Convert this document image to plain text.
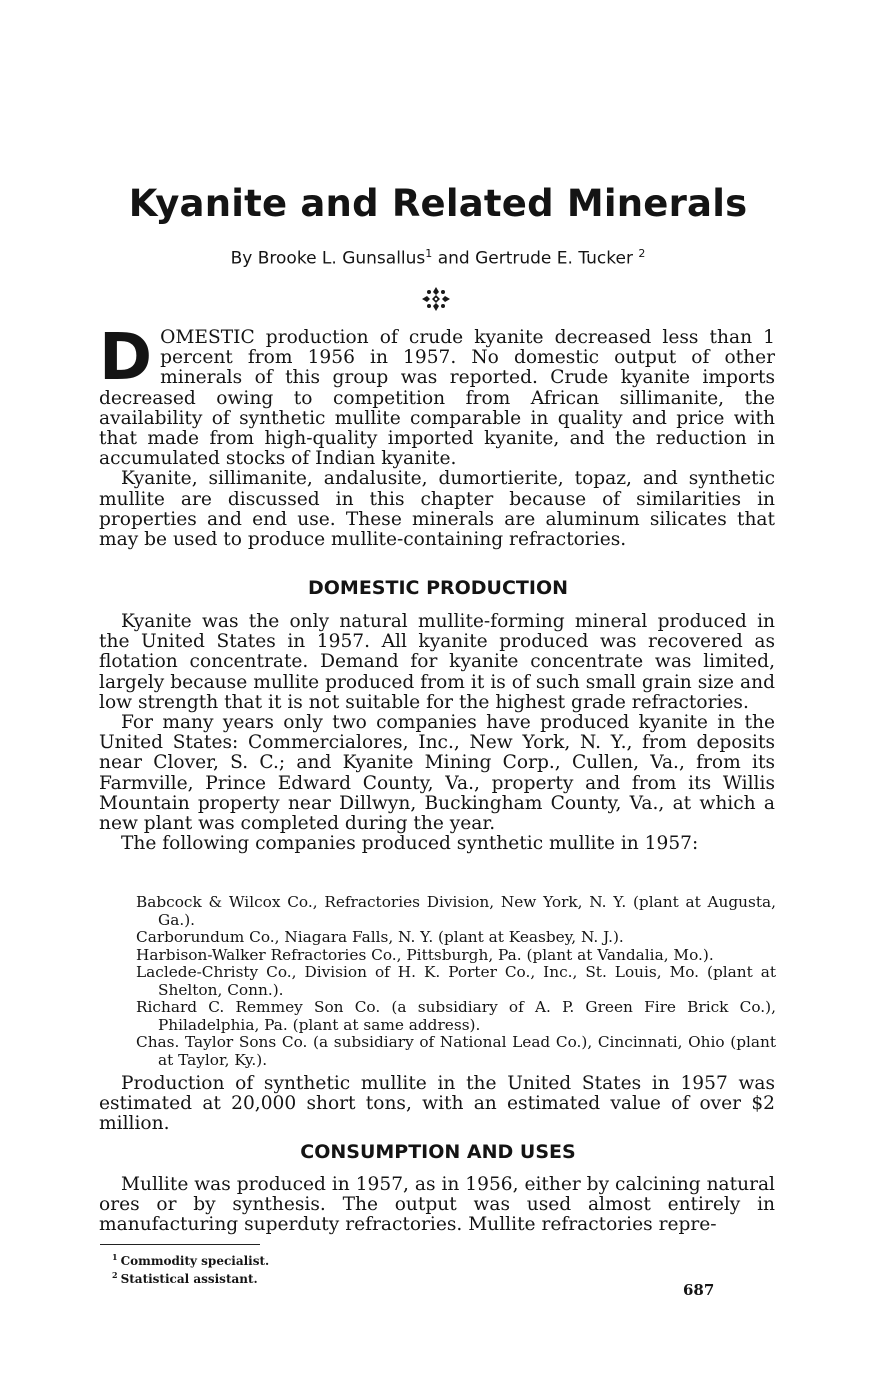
Kyanite and Related Minerals
By Brooke L. Gunsallus$^1$ and Gertrude E. Tucker $^2$

DOMESTIC production of crude kyanite decreased less than 1 percent from 1956 in 1957. No domestic output of other minerals of this group was reported. Crude kyanite imports decreased owing to competition from African sillimanite, the availability of synthetic mullite comparable in quality and price with that made from high-quality imported kyanite, and the reduction in accumulated stocks of Indian kyanite.

Kyanite, sillimanite, andalusite, dumortierite, topaz, and synthetic mullite are discussed in this chapter because of similarities in properties and end use. These minerals are aluminum silicates that may be used to produce mullite-containing refractories.

DOMESTIC PRODUCTION

Kyanite was the only natural mullite-forming mineral produced in the United States in 1957. All kyanite produced was recovered as flotation concentrate. Demand for kyanite concentrate was limited, largely because mullite produced from it is of such small grain size and low strength that it is not suitable for the highest grade refractories.

For many years only two companies have produced kyanite in the United States: Commercialores, Inc., New York, N. Y., from deposits near Clover, S. C.; and Kyanite Mining Corp., Cullen, Va., from its Farmville, Prince Edward County, Va., property and from its Willis Mountain property near Dillwyn, Buckingham County, Va., at which a new plant was completed during the year.

The following companies produced synthetic mullite in 1957:

Babcock & Wilcox Co., Refractories Division, New York, N. Y. (plant at Augusta, Ga.).
Carborundum Co., Niagara Falls, N. Y. (plant at Keasbey, N. J.).
Harbison-Walker Refractories Co., Pittsburgh, Pa. (plant at Vandalia, Mo.).
Laclede-Christy Co., Division of H. K. Porter Co., Inc., St. Louis, Mo. (plant at Shelton, Conn.).
Richard C. Remmey Son Co. (a subsidiary of A. P. Green Fire Brick Co.), Philadelphia, Pa. (plant at same address).
Chas. Taylor Sons Co. (a subsidiary of National Lead Co.), Cincinnati, Ohio (plant at Taylor, Ky.).

Production of synthetic mullite in the United States in 1957 was estimated at 20,000 short tons, with an estimated value of over $2 million.

CONSUMPTION AND USES

Mullite was produced in 1957, as in 1956, either by calcining natural ores or by synthesis. The output was used almost entirely in manufacturing superduty refractories. Mullite refractories repre-

$^1$ Commodity specialist.
$^2$ Statistical assistant.
687
